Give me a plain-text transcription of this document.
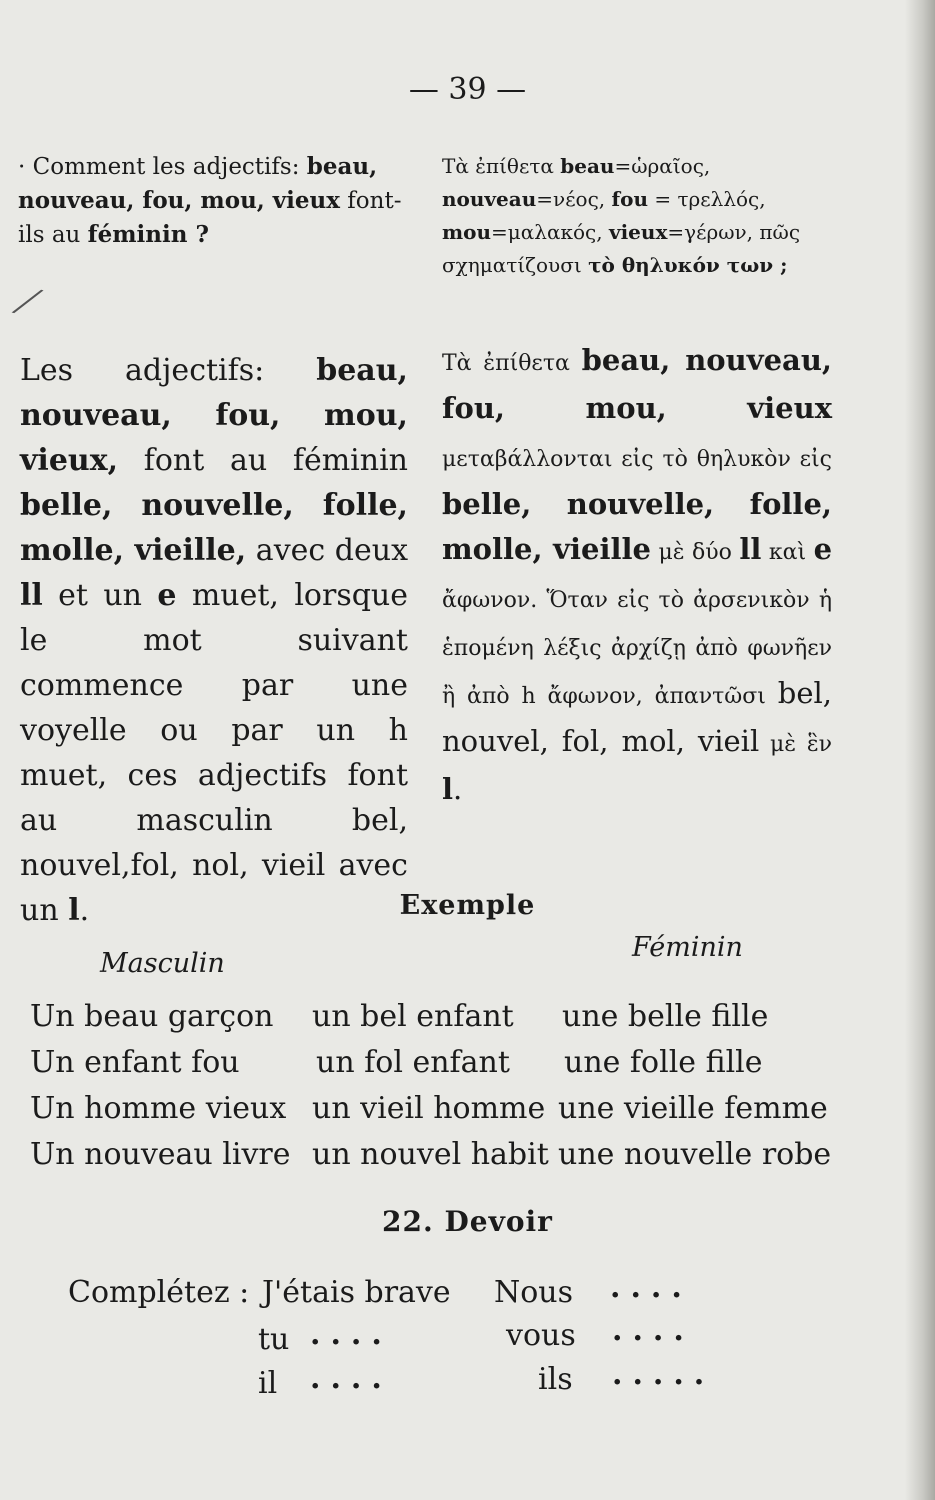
— 39 —
· Comment les adjectifs: beau, nouveau, fou, mou, vieux font-ils au féminin ?
Τὰ ἐπίθετα beau=ὡραῖος, nouveau=νέος, fou = τρελλός, mou=μαλακός, vieux=γέρων, πῶς σχηματίζουσι τὸ θηλυκόν των ;
⟋
Les adjectifs: beau, nouveau, fou, mou, vieux, font au féminin belle, nouvelle, folle, molle, vieille, avec deux ll et un e muet, lorsque le mot suivant commence par une voyelle ou par un h muet, ces adjectifs font au masculin bel, nouvel,fol, nol, vieil avec un l.
Τὰ ἐπίθετα beau, nouveau, fou, mou, vieux μεταβάλλονται εἰς τὸ θηλυκὸν εἰς belle, nouvelle, folle, molle, vieille μὲ δύο ll καὶ e ἄφωνον. Ὅταν εἰς τὸ ἀρσενικὸν ἡ ἑπομένη λέξις ἀρχίζῃ ἀπὸ φωνῆεν ἢ ἀπὸ h ἄφωνον, ἀπαντῶσι bel, nouvel, fol, mol, vieil μὲ ἓν l.
Exemple
Masculin
Féminin
Un beau garçon un bel enfant une belle fille
Un enfant fou	un fol enfant une folle fille
Un homme vieux un vieil homme une vieille femme
Un nouveau livre un nouvel habit une nouvelle robe
22. Devoir
Complétez : J'étais brave Nous ....
tu ....	vous ....
il ....	ils .....
